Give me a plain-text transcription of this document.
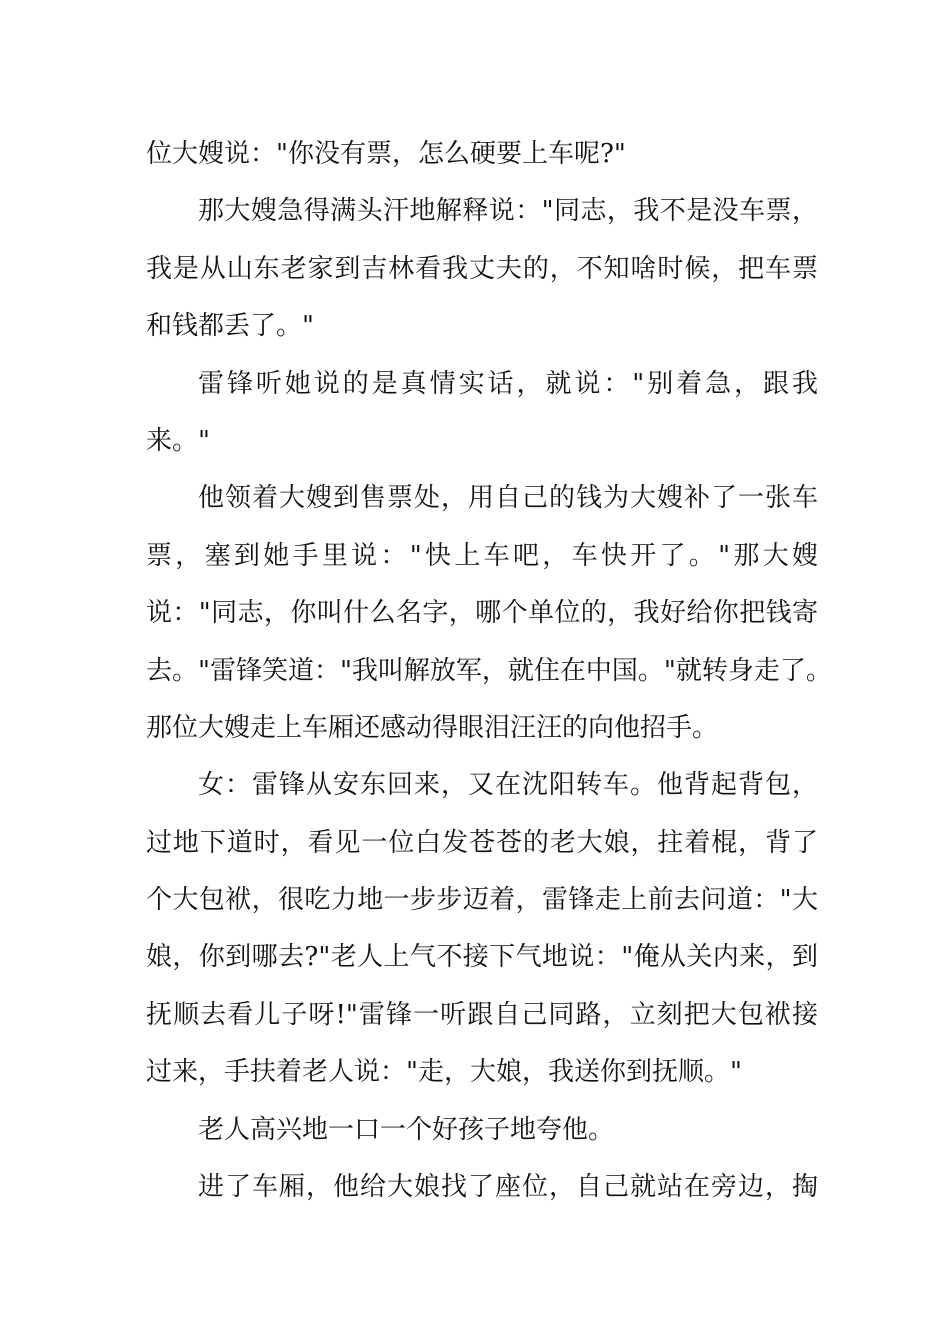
位大嫂说："你没有票，怎么硬要上车呢?"
那大嫂急得满头汗地解释说："同志，我不是没车票，
我是从山东老家到吉林看我丈夫的，不知啥时候，把车票
和钱都丢了。"
雷锋听她说的是真情实话，就说："别着急，跟我
来。"
他领着大嫂到售票处，用自己的钱为大嫂补了一张车
票，塞到她手里说："快上车吧，车快开了。"那大嫂
说："同志，你叫什么名字，哪个单位的，我好给你把钱寄
去。"雷锋笑道："我叫解放军，就住在中国。"就转身走了。
那位大嫂走上车厢还感动得眼泪汪汪的向他招手。
女：雷锋从安东回来，又在沈阳转车。他背起背包，
过地下道时，看见一位白发苍苍的老大娘，拄着棍，背了
个大包袱，很吃力地一步步迈着，雷锋走上前去问道："大
娘，你到哪去?"老人上气不接下气地说："俺从关内来，到
抚顺去看儿子呀!"雷锋一听跟自己同路，立刻把大包袱接
过来，手扶着老人说："走，大娘，我送你到抚顺。"
老人高兴地一口一个好孩子地夸他。
进了车厢，他给大娘找了座位，自己就站在旁边，掏
